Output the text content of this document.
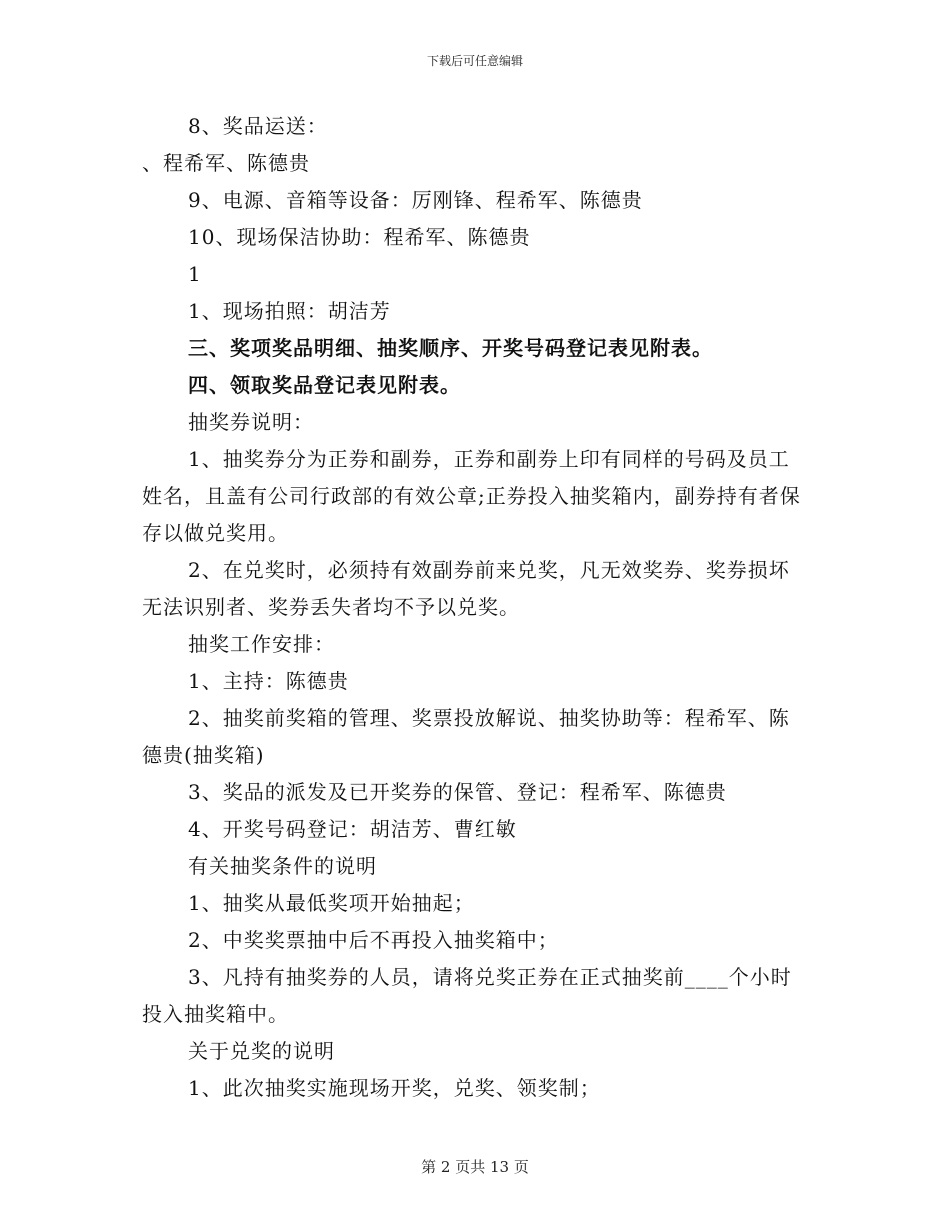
下载后可任意编辑
8、奖品运送：
、程希军、陈德贵
9、电源、音箱等设备：厉刚锋、程希军、陈德贵
10、现场保洁协助：程希军、陈德贵
1
1、现场拍照：胡洁芳
三、奖项奖品明细、抽奖顺序、开奖号码登记表见附表。
四、领取奖品登记表见附表。
抽奖券说明：
1、抽奖券分为正券和副券，正券和副券上印有同样的号码及员工姓名，且盖有公司行政部的有效公章;正券投入抽奖箱内，副券持有者保存以做兑奖用。
2、在兑奖时，必须持有效副券前来兑奖，凡无效奖券、奖券损坏无法识别者、奖券丢失者均不予以兑奖。
抽奖工作安排：
1、主持：陈德贵
2、抽奖前奖箱的管理、奖票投放解说、抽奖协助等：程希军、陈德贵(抽奖箱)
3、奖品的派发及已开奖券的保管、登记：程希军、陈德贵
4、开奖号码登记：胡洁芳、曹红敏
有关抽奖条件的说明
1、抽奖从最低奖项开始抽起；
2、中奖奖票抽中后不再投入抽奖箱中；
3、凡持有抽奖券的人员，请将兑奖正券在正式抽奖前____个小时投入抽奖箱中。
关于兑奖的说明
1、此次抽奖实施现场开奖，兑奖、领奖制；
第 2 页共 13 页
